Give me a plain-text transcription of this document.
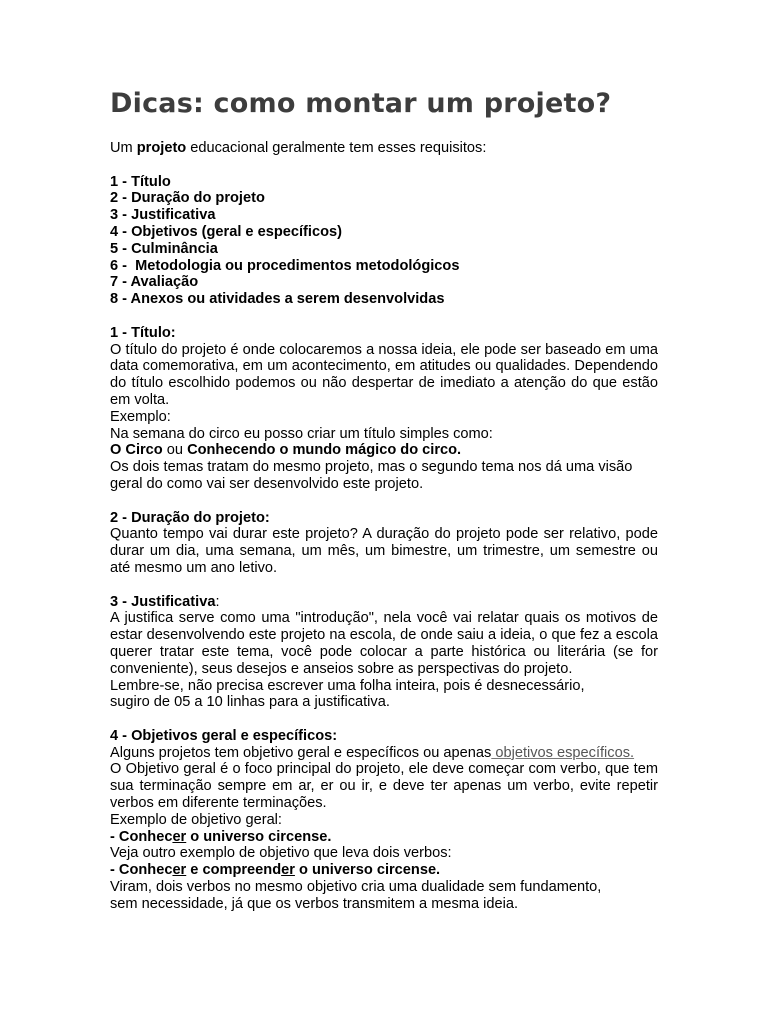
Dicas: como montar um projeto?

Um projeto educacional geralmente tem esses requisitos:

1 - Título

2 - Duração do projeto

3 - Justificativa

4 - Objetivos (geral e específicos)

5 - Culminância

6 -  Metodologia ou procedimentos metodológicos

7 - Avaliação

8 - Anexos ou atividades a serem desenvolvidas

1 - Título:

O título do projeto é onde colocaremos a nossa ideia, ele pode ser baseado em uma data comemorativa, em um acontecimento, em atitudes ou qualidades. Dependendo do título escolhido podemos ou não despertar de imediato a atenção do que estão em volta.

Exemplo:

Na semana do circo eu posso criar um título simples como:

O Circo ou Conhecendo o mundo mágico do circo.

Os dois temas tratam do mesmo projeto, mas o segundo tema nos dá uma visão geral do como vai ser desenvolvido este projeto.

2 - Duração do projeto:

Quanto tempo vai durar este projeto? A duração do projeto pode ser relativo, pode durar um dia, uma semana, um mês, um bimestre, um trimestre, um semestre ou até mesmo um ano letivo.

3 - Justificativa:

A justifica serve como uma "introdução", nela você vai relatar quais os motivos de estar desenvolvendo este projeto na escola, de onde saiu a ideia, o que fez a escola querer tratar este tema, você pode colocar a parte histórica ou literária (se for conveniente), seus desejos e anseios sobre as perspectivas do projeto.

Lembre-se, não precisa escrever uma folha inteira, pois é desnecessário,

sugiro de 05 a 10 linhas para a justificativa.

4 - Objetivos geral e específicos:

Alguns projetos tem objetivo geral e específicos ou apenas objetivos específicos.

O Objetivo geral é o foco principal do projeto, ele deve começar com verbo, que tem sua terminação sempre em ar, er ou ir, e deve ter apenas um verbo, evite repetir verbos em diferente terminações.

Exemplo de objetivo geral:

- Conhecer o universo circense.

Veja outro exemplo de objetivo que leva dois verbos:

- Conhecer e compreender o universo circense.

Viram, dois verbos no mesmo objetivo cria uma dualidade sem fundamento,

sem necessidade, já que os verbos transmitem a mesma ideia.
